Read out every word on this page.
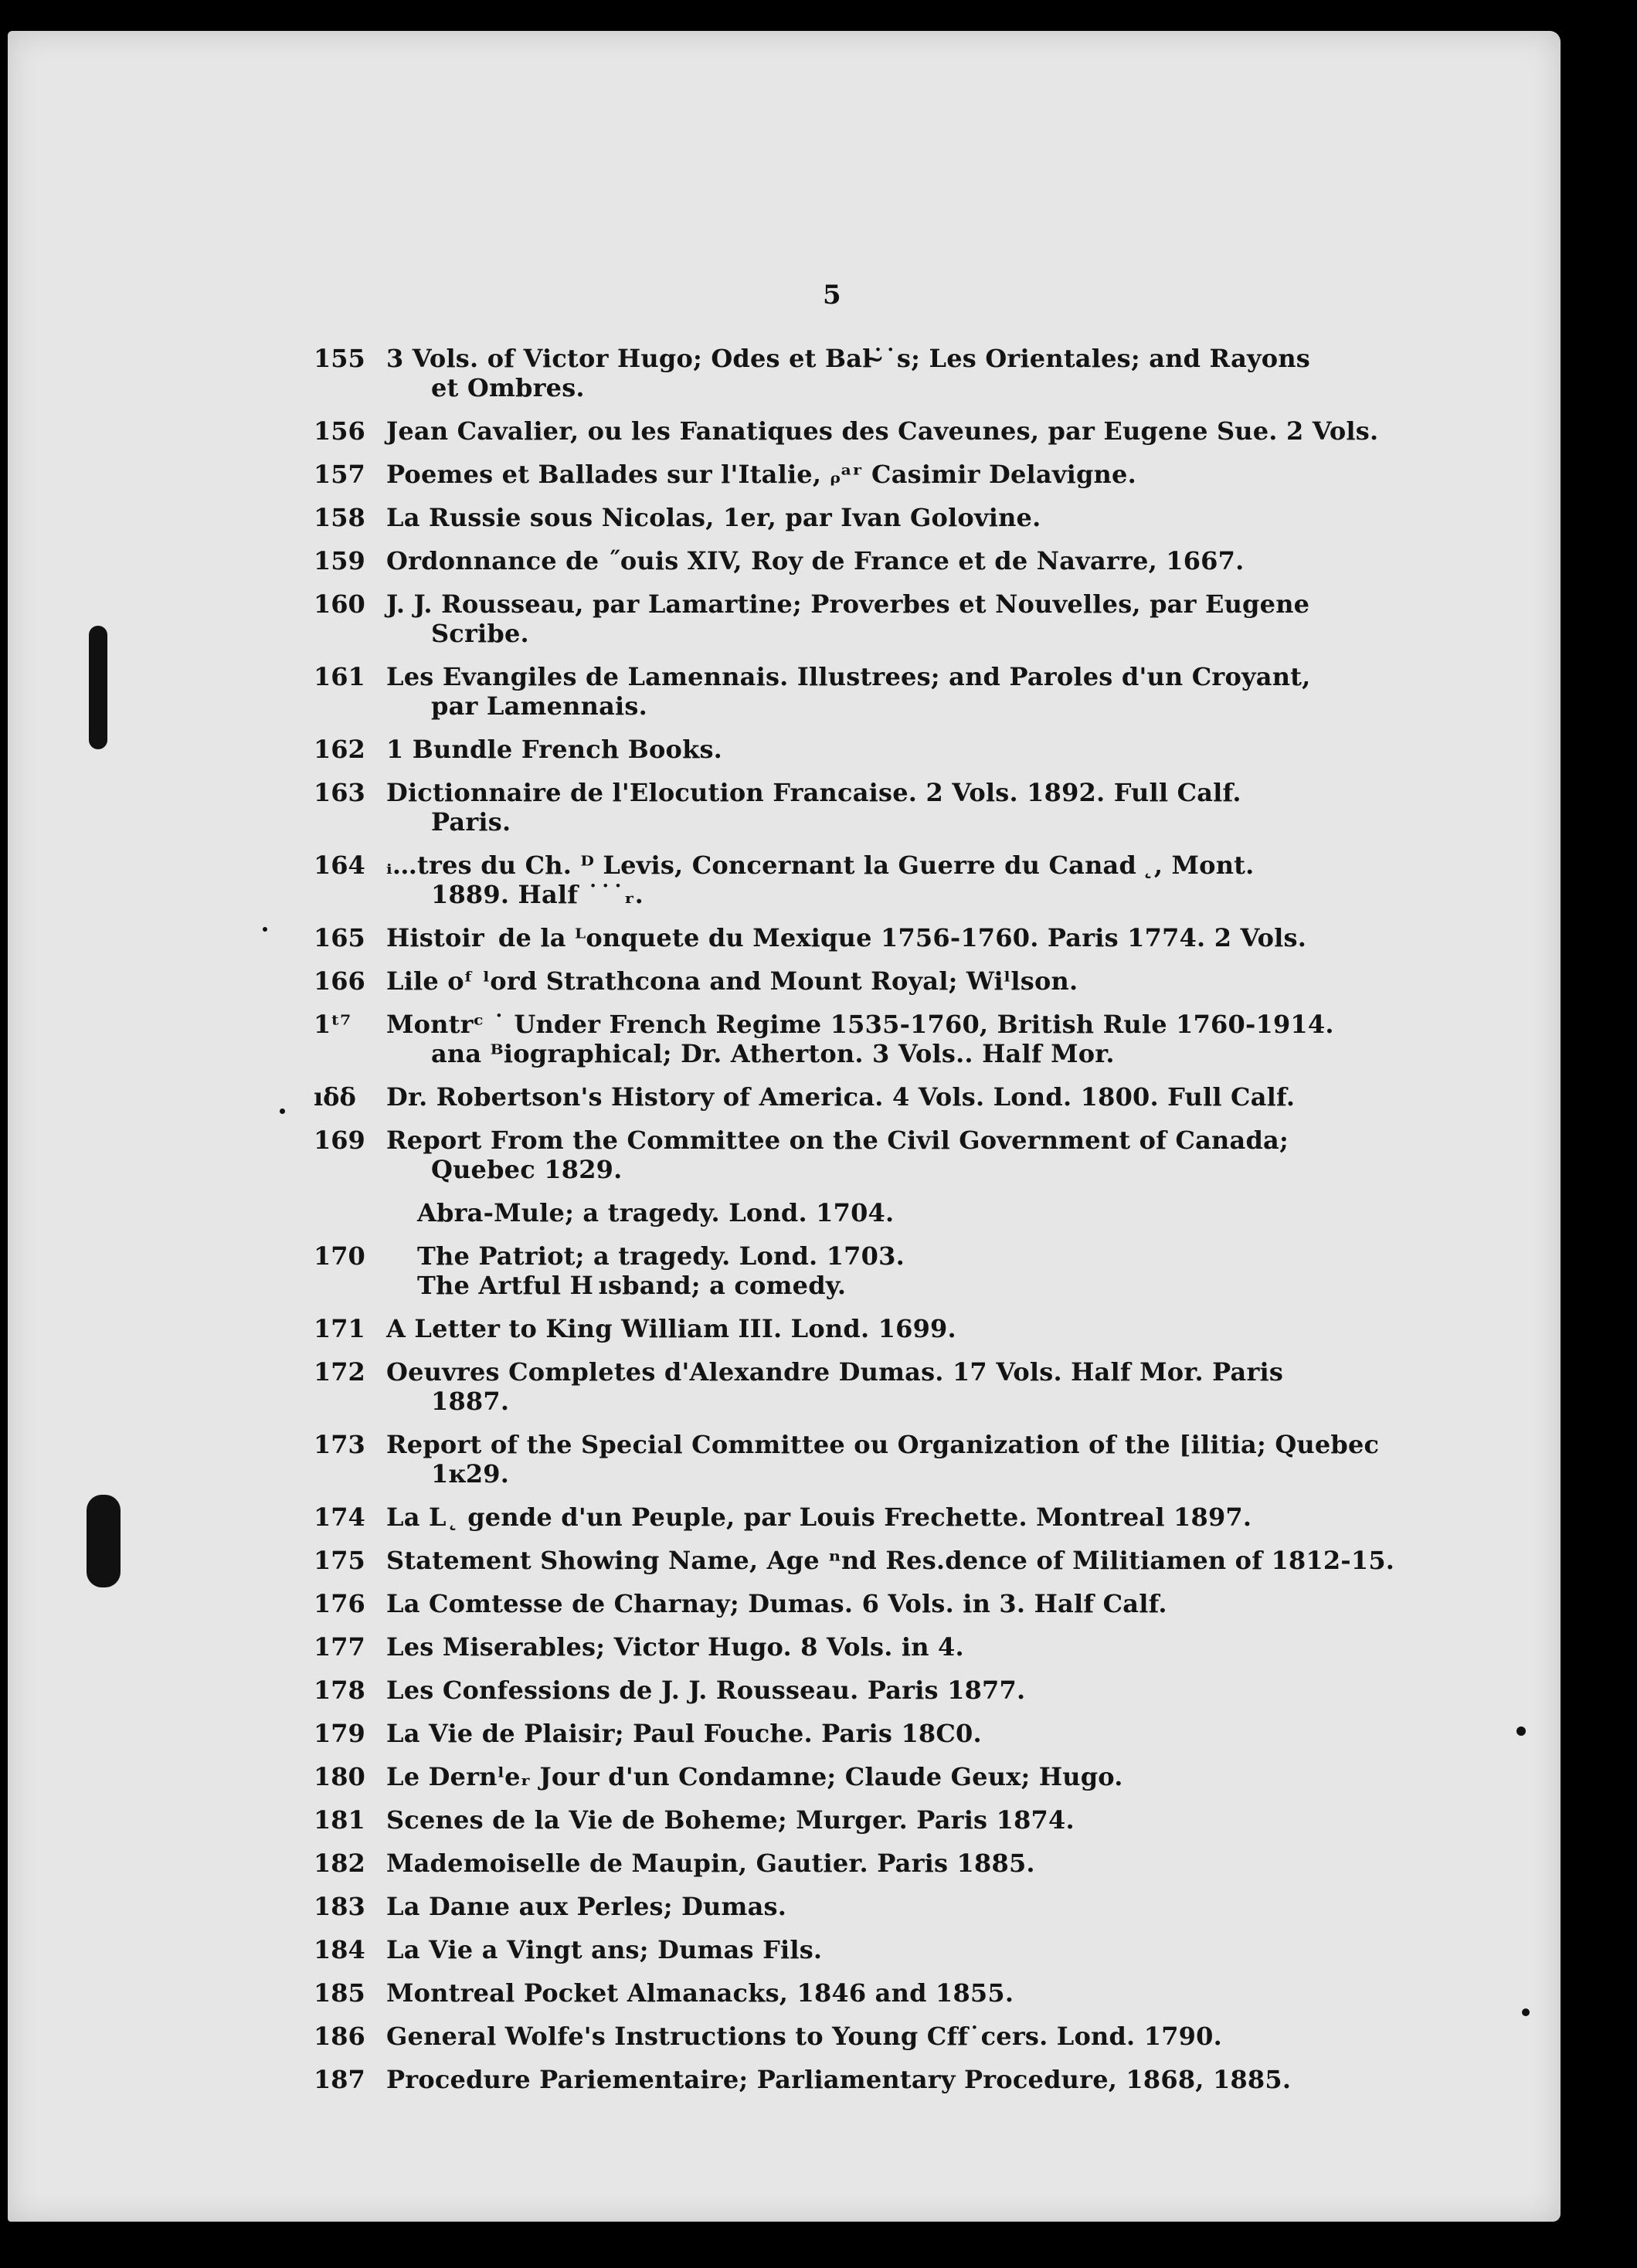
5
155 3 Vols. of Victor Hugo; Odes et Bal˙̴˙s; Les Orientales; and Rayons
et Ombres.
156 Jean Cavalier, ou les Fanatiques des Caveunes, par Eugene Sue. 2 Vols.
157 Poemes et Ballades sur l'Italie, ᵨᵃʳ Casimir Delavigne.
158 La Russie sous Nicolas, 1er, par Ivan Golovine.
159 Ordonnance de ˝ouis XIV, Roy de France et de Navarre, 1667.
160 J. J. Rousseau, par Lamartine; Proverbes et Nouvelles, par Eugene
Scribe.
161 Les Evangiles de Lamennais. Illustrees; and Paroles d'un Croyant,
par Lamennais.
162 1 Bundle French Books.
163 Dictionnaire de l'Elocution Francaise. 2 Vols. 1892. Full Calf.
Paris.
164 ᵢ…tres du Ch. ᴰ Levis, Concernant la Guerre du Canad ˛, Mont.
1889. Half ˙˙˙ᵣ.
165 Histoir  de la ᴸonquete du Mexique 1756-1760. Paris 1774. 2 Vols.
166 Lile oᶠ ˡord Strathcona and Mount Royal; Wiˡlson.
1ᵗ⁷	Montrᶜ ˙ Under French Regime 1535-1760, British Rule 1760-1914.
ana ᴮiographical; Dr. Atherton. 3 Vols.. Half Mor.
ıδδ	Dr. Robertson's History of America. 4 Vols. Lond. 1800. Full Calf.
169 Report From the Committee on the Civil Government of Canada;
Quebec 1829.
Abra-Mule; a tragedy. Lond. 1704.
170	The Patriot; a tragedy. Lond. 1703.
The Artful H ısband; a comedy.
171 A Letter to King William III. Lond. 1699.
172 Oeuvres Completes d'Alexandre Dumas. 17 Vols. Half Mor. Paris
1887.
173 Report of the Special Committee ou Organization of the [ilitia; Quebec
1ĸ29.
174 La L˛ gende d'un Peuple, par Louis Frechette. Montreal 1897.
175 Statement Showing Name, Age ⁿnd Res.dence of Militiamen of 1812-15.
176 La Comtesse de Charnay; Dumas. 6 Vols. in 3. Half Calf.
177 Les Miserables; Victor Hugo. 8 Vols. in 4.
178 Les Confessions de J. J. Rousseau. Paris 1877.
179 La Vie de Plaisir; Paul Fouche. Paris 18C0.
180 Le Dernˡeᵣ Jour d'un Condamne; Claude Geux; Hugo.
181 Scenes de la Vie de Boheme; Murger. Paris 1874.
182 Mademoiselle de Maupin, Gautier. Paris 1885.
183 La Danıe aux Perles; Dumas.
184 La Vie a Vingt ans; Dumas Fils.
185 Montreal Pocket Almanacks, 1846 and 1855.
186 General Wolfe's Instructions to Young Cff˙cers. Lond. 1790.
187 Procedure Pariementaire; Parliamentary Procedure, 1868, 1885.
